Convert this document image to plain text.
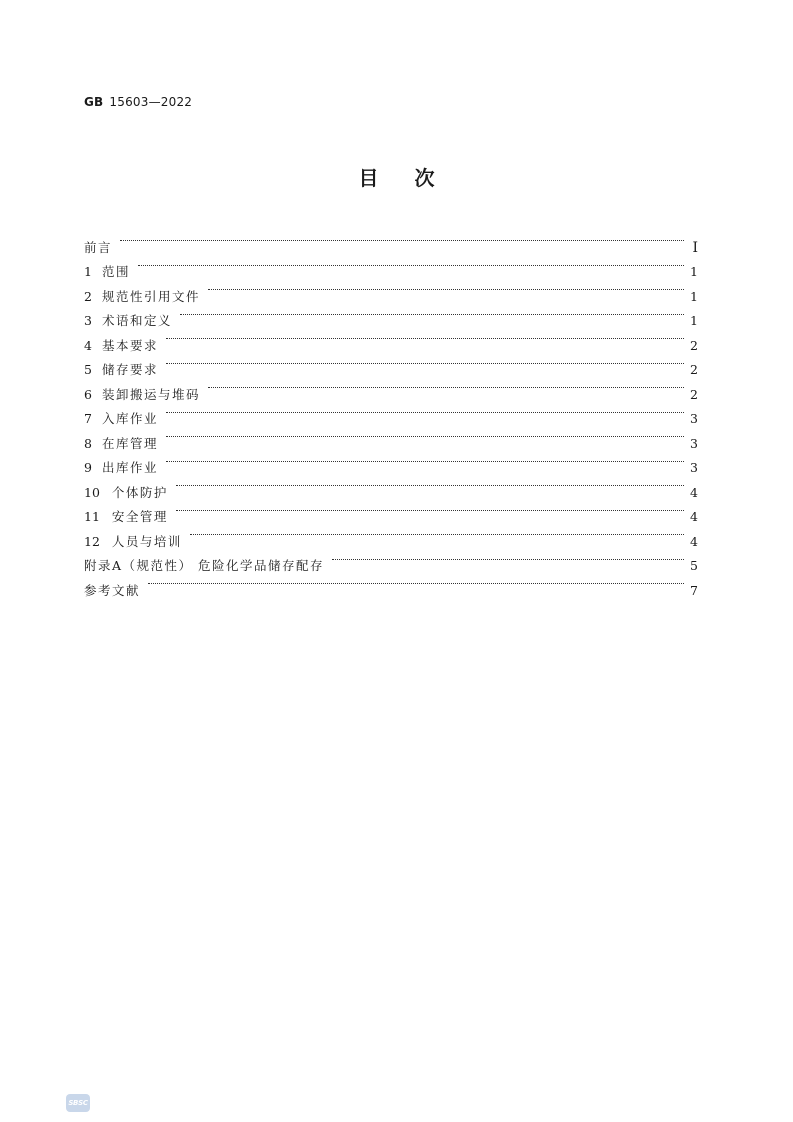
GB 15603—2022
目次
前言	I
1 范围	1
2 规范性引用文件	1
3 术语和定义	1
4 基本要求	2
5 储存要求	2
6 装卸搬运与堆码	2
7 入库作业	3
8 在库管理	3
9 出库作业	3
10 个体防护	4
11 安全管理	4
12 人员与培训	4
附录A（规范性） 危险化学品储存配存	5
参考文献	7
SBSC
